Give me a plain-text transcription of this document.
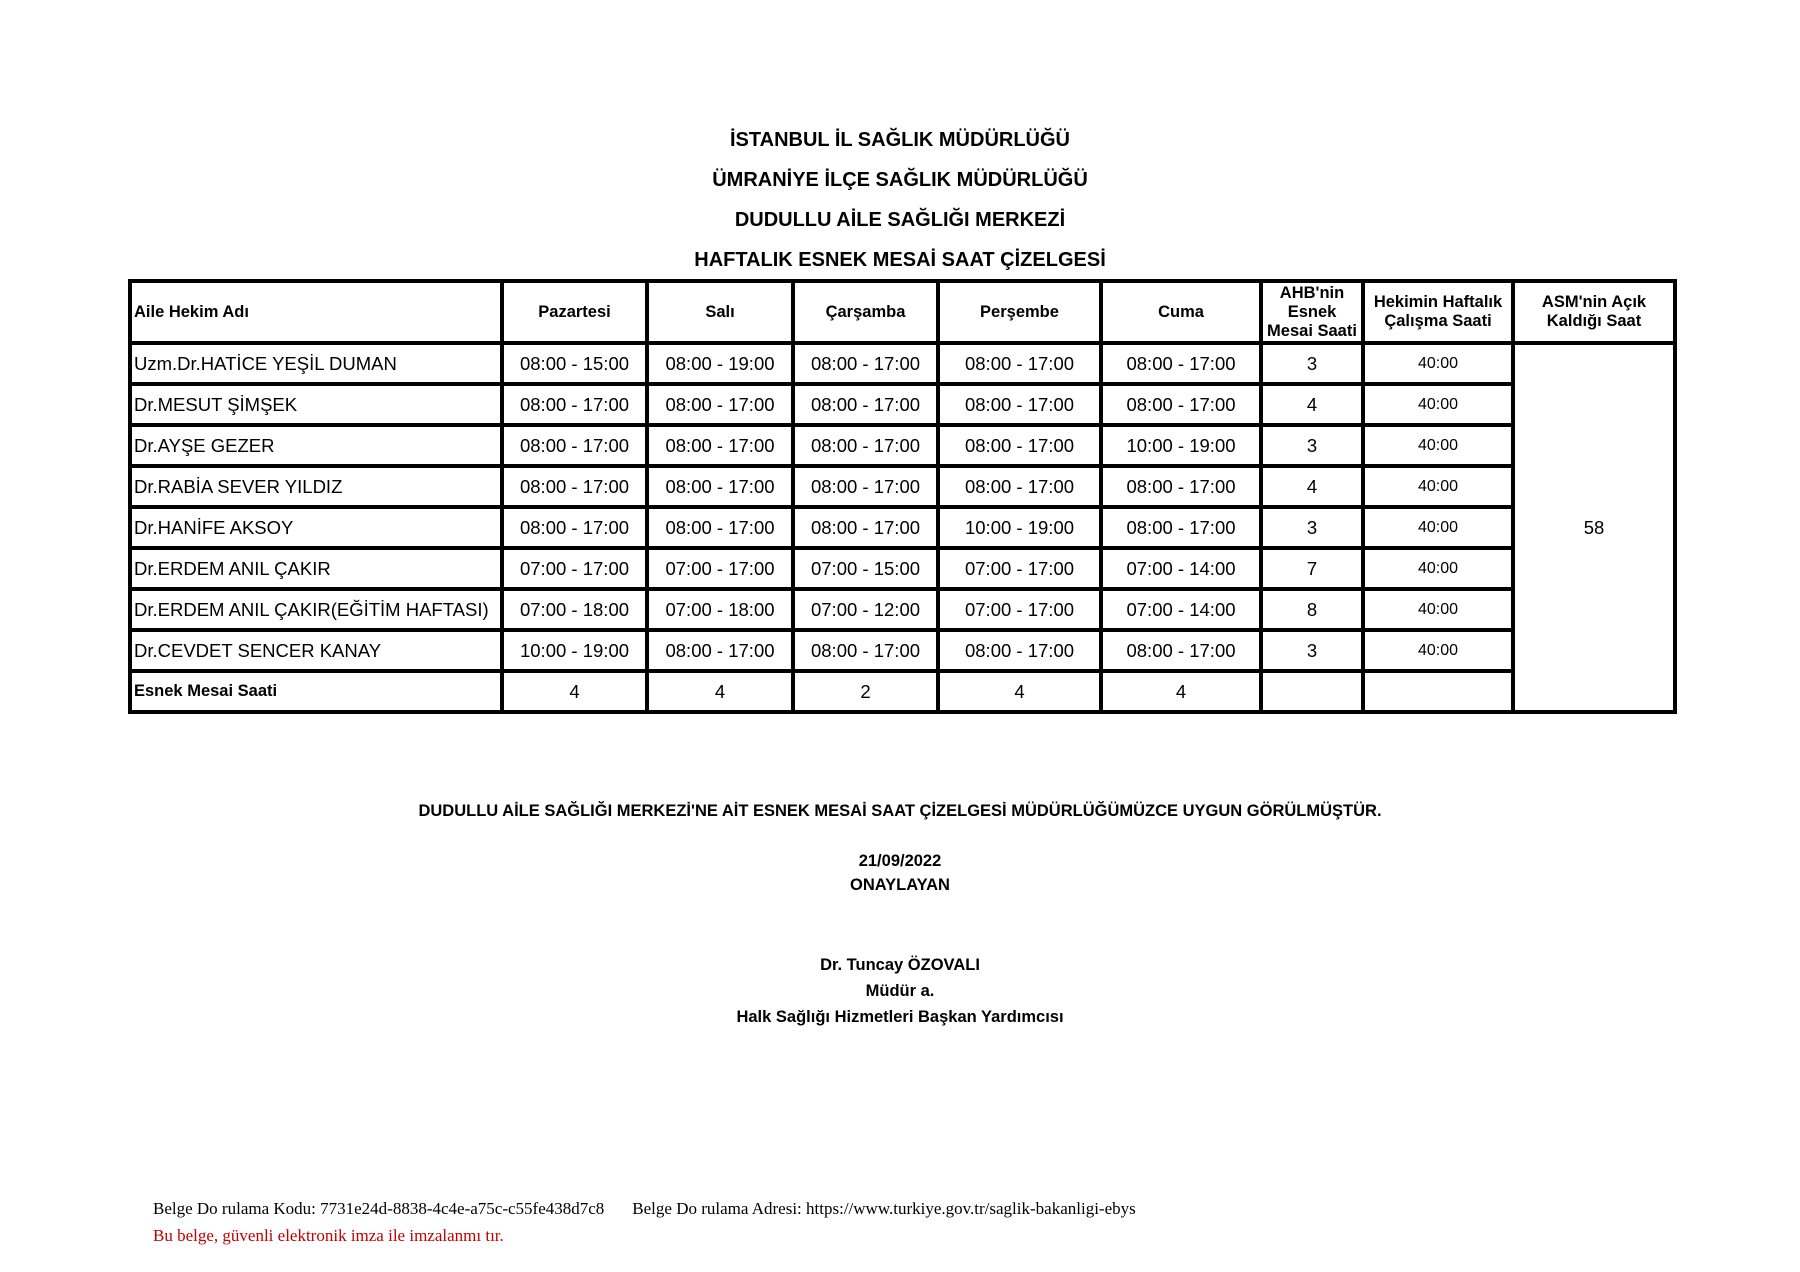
İSTANBUL İL SAĞLIK MÜDÜRLÜĞÜ
ÜMRANİYE İLÇE SAĞLIK MÜDÜRLÜĞÜ
DUDULLU AİLE SAĞLIĞI MERKEZİ
HAFTALIK ESNEK MESAİ SAAT ÇİZELGESİ
Aile Hekim Adı	Pazartesi	Salı	Çarşamba	Perşembe	Cuma	AHB'nin Esnek Mesai Saati	Hekimin Haftalık Çalışma Saati	ASM'nin Açık Kaldığı Saat
Uzm.Dr.HATİCE YEŞİL DUMAN	08:00 - 15:00	08:00 - 19:00	08:00 - 17:00	08:00 - 17:00	08:00 - 17:00	3	40:00	58
Dr.MESUT ŞİMŞEK	08:00 - 17:00	08:00 - 17:00	08:00 - 17:00	08:00 - 17:00	08:00 - 17:00	4	40:00	
Dr.AYŞE GEZER	08:00 - 17:00	08:00 - 17:00	08:00 - 17:00	08:00 - 17:00	10:00 - 19:00	3	40:00	
Dr.RABİA SEVER YILDIZ	08:00 - 17:00	08:00 - 17:00	08:00 - 17:00	08:00 - 17:00	08:00 - 17:00	4	40:00	
Dr.HANİFE AKSOY	08:00 - 17:00	08:00 - 17:00	08:00 - 17:00	10:00 - 19:00	08:00 - 17:00	3	40:00	
Dr.ERDEM ANIL ÇAKIR	07:00 - 17:00	07:00 - 17:00	07:00 - 15:00	07:00 - 17:00	07:00 - 14:00	7	40:00	
Dr.ERDEM ANIL ÇAKIR(EĞİTİM HAFTASI)	07:00 - 18:00	07:00 - 18:00	07:00 - 12:00	07:00 - 17:00	07:00 - 14:00	8	40:00	
Dr.CEVDET SENCER KANAY	10:00 - 19:00	08:00 - 17:00	08:00 - 17:00	08:00 - 17:00	08:00 - 17:00	3	40:00	
Esnek Mesai Saati	4	4	2	4	4			
DUDULLU AİLE SAĞLIĞI MERKEZİ'NE AİT ESNEK MESAİ SAAT ÇİZELGESİ MÜDÜRLÜĞÜMÜZCE UYGUN GÖRÜLMÜŞTÜR.
21/09/2022
ONAYLAYAN
Dr. Tuncay ÖZOVALI
Müdür a.
Halk Sağlığı Hizmetleri Başkan Yardımcısı
Belge Do rulama Kodu: 7731e24d-8838-4c4e-a75c-c55fe438d7c8 Belge Do rulama Adresi: https://www.turkiye.gov.tr/saglik-bakanligi-ebys
Bu belge, güvenli elektronik imza ile imzalanmı tır.
